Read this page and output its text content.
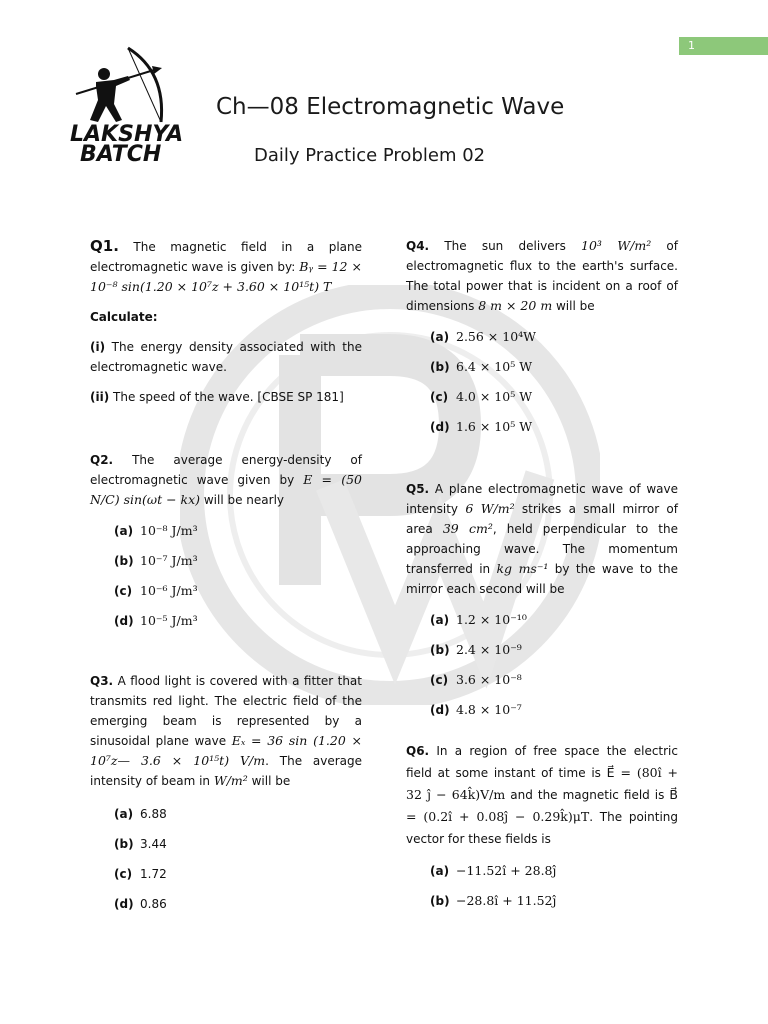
1
LAKSHYA
BATCH
Ch—08 Electromagnetic Wave
Daily Practice Problem 02
Q1. The magnetic field in a plane electromagnetic wave is given by: Bᵧ = 12 × 10⁻⁸ sin(1.20 × 10⁷z + 3.60 × 10¹⁵t) T
Calculate:
(i) The energy density associated with the electromagnetic wave.
(ii) The speed of the wave. [CBSE SP 181]
Q2. The average energy-density of electromagnetic wave given by E = (50 N/C) sin(ωt − kx) will be nearly
(a) 10⁻⁸ J/m³
(b) 10⁻⁷ J/m³
(c) 10⁻⁶ J/m³
(d) 10⁻⁵ J/m³
Q3. A flood light is covered with a fitter that transmits red light. The electric field of the emerging beam is represented by a sinusoidal plane wave Eₓ = 36 sin (1.20 × 10⁷z— 3.6 × 10¹⁵t) V/m. The average intensity of beam in W/m² will be
(a) 6.88
(b) 3.44
(c) 1.72
(d) 0.86
Q4. The sun delivers 10³ W/m² of electromagnetic flux to the earth's surface. The total power that is incident on a roof of dimensions 8 m × 20 m will be
(a) 2.56 × 10⁴W
(b) 6.4 × 10⁵ W
(c) 4.0 × 10⁵ W
(d) 1.6 × 10⁵ W
Q5. A plane electromagnetic wave of wave intensity 6 W/m² strikes a small mirror of area 39 cm², held perpendicular to the approaching wave. The momentum transferred in kg ms⁻¹ by the wave to the mirror each second will be
(a) 1.2 × 10⁻¹⁰
(b) 2.4 × 10⁻⁹
(c) 3.6 × 10⁻⁸
(d) 4.8 × 10⁻⁷
Q6. In a region of free space the electric field at some instant of time is E⃗ = (80î + 32 ĵ − 64k̂)V/m and the magnetic field is B⃗ = (0.2î + 0.08ĵ − 0.29k̂)μT. The pointing vector for these fields is
(a) −11.52î + 28.8ĵ
(b) −28.8î + 11.52ĵ
